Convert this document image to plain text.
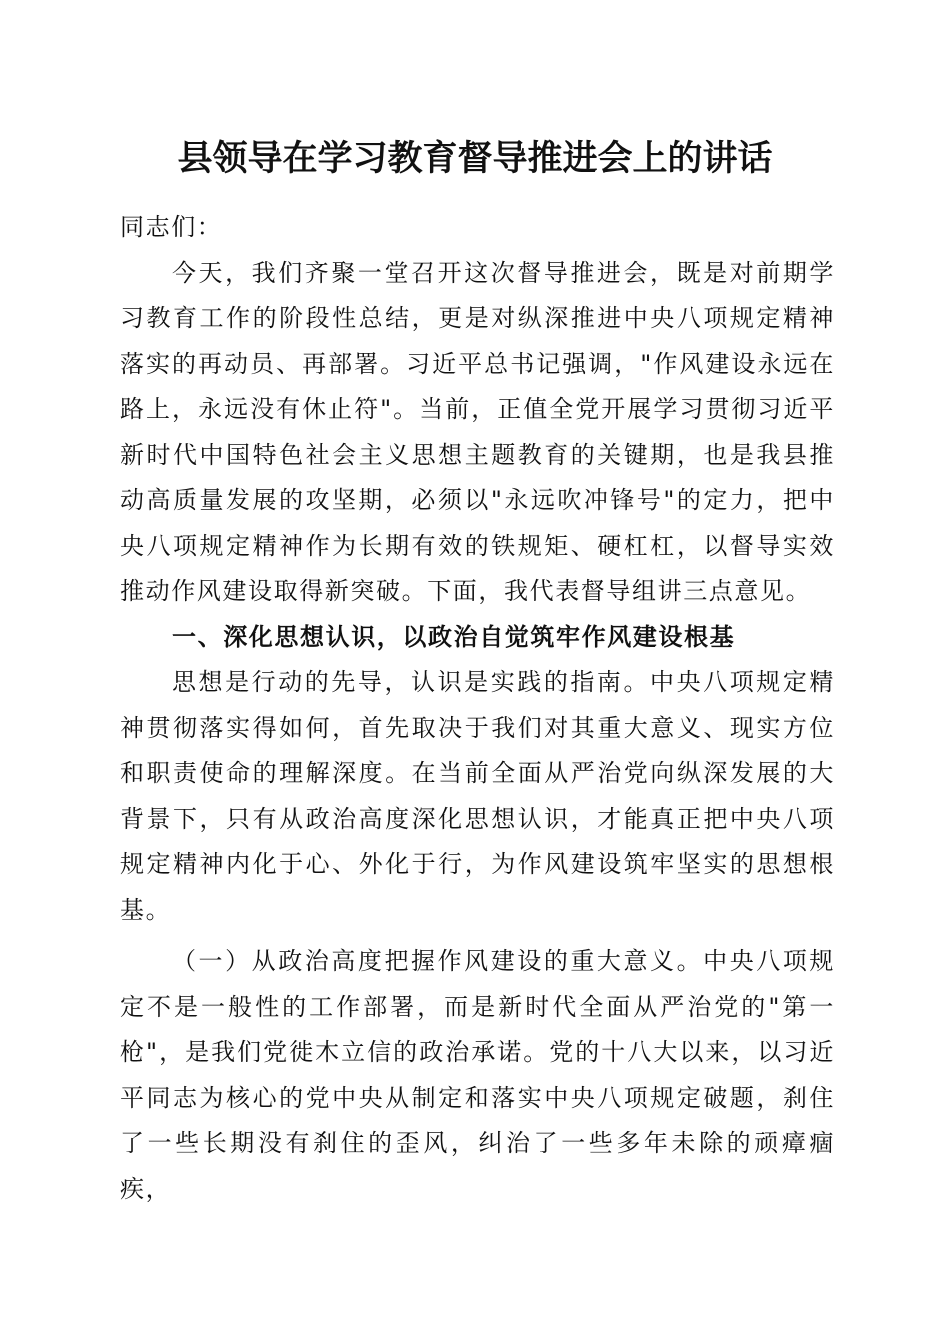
县领导在学习教育督导推进会上的讲话

同志们：

今天，我们齐聚一堂召开这次督导推进会，既是对前期学习教育工作的阶段性总结，更是对纵深推进中央八项规定精神落实的再动员、再部署。习近平总书记强调，"作风建设永远在路上，永远没有休止符"。当前，正值全党开展学习贯彻习近平新时代中国特色社会主义思想主题教育的关键期，也是我县推动高质量发展的攻坚期，必须以"永远吹冲锋号"的定力，把中央八项规定精神作为长期有效的铁规矩、硬杠杠，以督导实效推动作风建设取得新突破。下面，我代表督导组讲三点意见。

一、深化思想认识，以政治自觉筑牢作风建设根基

思想是行动的先导，认识是实践的指南。中央八项规定精神贯彻落实得如何，首先取决于我们对其重大意义、现实方位和职责使命的理解深度。在当前全面从严治党向纵深发展的大背景下，只有从政治高度深化思想认识，才能真正把中央八项规定精神内化于心、外化于行，为作风建设筑牢坚实的思想根基。

（一）从政治高度把握作风建设的重大意义。中央八项规定不是一般性的工作部署，而是新时代全面从严治党的"第一枪"，是我们党徙木立信的政治承诺。党的十八大以来，以习近平同志为核心的党中央从制定和落实中央八项规定破题，刹住了一些长期没有刹住的歪风，纠治了一些多年未除的顽瘴痼疾，
